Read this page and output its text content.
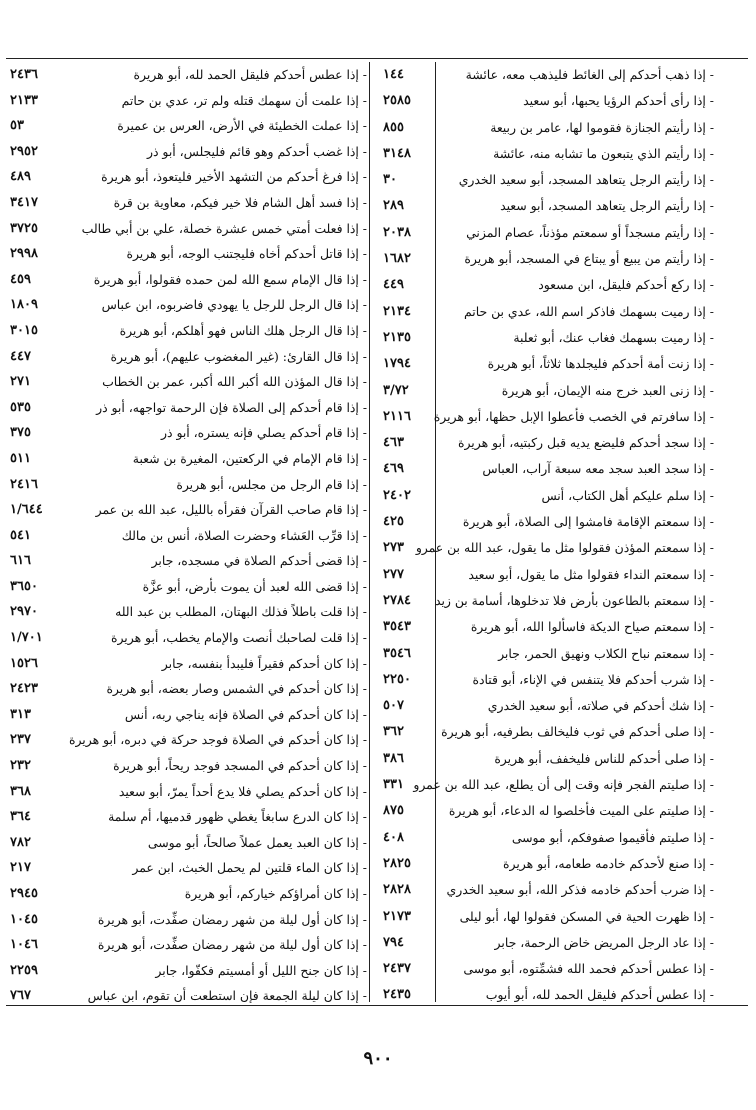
- إذا ذهب أحدكم إلى الغائط فليذهب معه، عائشة
١٤٤
- إذا رأى أحدكم الرؤيا يحبها، أبو سعيد
٢٥٨٥
- إذا رأيتم الجنازة فقوموا لها، عامر بن ربيعة
٨٥٥
- إذا رأيتم الذي يتبعون ما تشابه منه، عائشة
٣١٤٨
- إذا رأيتم الرجل يتعاهد المسجد، أبو سعيد الخدري
٣٠
- إذا رأيتم الرجل يتعاهد المسجد، أبو سعيد
٢٨٩
- إذا رأيتم مسجداً أو سمعتم مؤذناً، عصام المزني
٢٠٣٨
- إذا رأيتم من يبيع أو يبتاع في المسجد، أبو هريرة
١٦٨٢
- إذا ركع أحدكم فليقل، ابن مسعود
٤٤٩
- إذا رميت بسهمك فاذكر اسم الله، عدي بن حاتم
٢١٣٤
- إذا رميت بسهمك فغاب عنك، أبو ثعلبة
٢١٣٥
- إذا زنت أمة أحدكم فليجلدها ثلاثاً، أبو هريرة
١٧٩٤
- إذا زنى العبد خرج منه الإيمان، أبو هريرة
٣/٧٢
- إذا سافرتم في الخصب فأعطوا الإبل حظها، أبو هريرة
٢١١٦
- إذا سجد أحدكم فليضع يديه قبل ركبتيه، أبو هريرة
٤٦٣
- إذا سجد العبد سجد معه سبعة آراب، العباس
٤٦٩
- إذا سلم عليكم أهل الكتاب، أنس
٢٤٠٢
- إذا سمعتم الإقامة فامشوا إلى الصلاة، أبو هريرة
٤٢٥
- إذا سمعتم المؤذن فقولوا مثل ما يقول، عبد الله بن عمرو
٢٧٣
- إذا سمعتم النداء فقولوا مثل ما يقول، أبو سعيد
٢٧٧
- إذا سمعتم بالطاعون بأرض فلا تدخلوها، أسامة بن زيد
٢٧٨٤
- إذا سمعتم صياح الديكة فاسألوا الله، أبو هريرة
٣٥٤٣
- إذا سمعتم نباح الكلاب ونهيق الحمر، جابر
٣٥٤٦
- إذا شرب أحدكم فلا يتنفس في الإناء، أبو قتادة
٢٢٥٠
- إذا شك أحدكم في صلاته، أبو سعيد الخدري
٥٠٧
- إذا صلى أحدكم في ثوب فليخالف بطرفيه، أبو هريرة
٣٦٢
- إذا صلى أحدكم للناس فليخفف، أبو هريرة
٣٨٦
- إذا صليتم الفجر فإنه وقت إلى أن يطلع، عبد الله بن عمرو
٣٣١
- إذا صليتم على الميت فأخلصوا له الدعاء، أبو هريرة
٨٧٥
- إذا صليتم فأقيموا صفوفكم، أبو موسى
٤٠٨
- إذا صنع لأحدكم خادمه طعامه، أبو هريرة
٢٨٢٥
- إذا ضرب أحدكم خادمه فذكر الله، أبو سعيد الخدري
٢٨٢٨
- إذا ظهرت الحية في المسكن فقولوا لها، أبو ليلى
٢١٧٣
- إذا عاد الرجل المريض خاض الرحمة، جابر
٧٩٤
- إذا عطس أحدكم فحمد الله فشمِّتوه، أبو موسى
٢٤٣٧
- إذا عطس أحدكم فليقل الحمد لله، أبو أيوب
٢٤٣٥
- إذا عطس أحدكم فليقل الحمد لله، أبو هريرة
٢٤٣٦
- إذا علمت أن سهمك قتله ولم تر، عدي بن حاتم
٢١٣٣
- إذا عملت الخطيئة في الأرض، العرس بن عميرة
٥٣
- إذا غضب أحدكم وهو قائم فليجلس، أبو ذر
٢٩٥٢
- إذا فرغ أحدكم من التشهد الأخير فليتعوذ، أبو هريرة
٤٨٩
- إذا فسد أهل الشام فلا خير فيكم، معاوية بن قرة
٣٤١٧
- إذا فعلت أمتي خمس عشرة خصلة، علي بن أبي طالب
٣٧٢٥
- إذا قاتل أحدكم أخاه فليجتنب الوجه، أبو هريرة
٢٩٩٨
- إذا قال الإمام سمع الله لمن حمده فقولوا، أبو هريرة
٤٥٩
- إذا قال الرجل للرجل يا يهودي فاضربوه، ابن عباس
١٨٠٩
- إذا قال الرجل هلك الناس فهو أهلكم، أبو هريرة
٣٠١٥
- إذا قال القارئ: (غير المغضوب عليهم)، أبو هريرة
٤٤٧
- إذا قال المؤذن الله أكبر الله أكبر، عمر بن الخطاب
٢٧١
- إذا قام أحدكم إلى الصلاة فإن الرحمة تواجهه، أبو ذر
٥٣٥
- إذا قام أحدكم يصلي فإنه يستره، أبو ذر
٣٧٥
- إذا قام الإمام في الركعتين، المغيرة بن شعبة
٥١١
- إذا قام الرجل من مجلس، أبو هريرة
٢٤١٦
- إذا قام صاحب القرآن فقرأه بالليل، عبد الله بن عمر
١/٦٤٤
- إذا قرِّب العَشاء وحضرت الصلاة، أنس بن مالك
٥٤١
- إذا قضى أحدكم الصلاة في مسجده، جابر
٦١٦
- إذا قضى الله لعبد أن يموت بأرض، أبو عزَّة
٣٦٥٠
- إذا قلت باطلاً فذلك البهتان، المطلب بن عبد الله
٢٩٧٠
- إذا قلت لصاحبك أنصت والإمام يخطب، أبو هريرة
١/٧٠١
- إذا كان أحدكم فقيراً فليبدأ بنفسه، جابر
١٥٢٦
- إذا كان أحدكم في الشمس وصار بعضه، أبو هريرة
٢٤٢٣
- إذا كان أحدكم في الصلاة فإنه يناجي ربه، أنس
٣١٣
- إذا كان أحدكم في الصلاة فوجد حركة في دبره، أبو هريرة
٢٣٧
- إذا كان أحدكم في المسجد فوجد ريحاً، أبو هريرة
٢٣٢
- إذا كان أحدكم يصلي فلا يدع أحداً يمرّ، أبو سعيد
٣٦٨
- إذا كان الدرع سابغاً يغطي ظهور قدميها، أم سلمة
٣٦٤
- إذا كان العبد يعمل عملاً صالحاً، أبو موسى
٧٨٢
- إذا كان الماء قلتين لم يحمل الخبث، ابن عمر
٢١٧
- إذا كان أمراؤكم خياركم، أبو هريرة
٢٩٤٥
- إذا كان أول ليلة من شهر رمضان صفِّدت، أبو هريرة
١٠٤٥
- إذا كان أول ليلة من شهر رمضان صفِّدت، أبو هريرة
١٠٤٦
- إذا كان جنح الليل أو أمسيتم فكفّوا، جابر
٢٢٥٩
- إذا كان ليلة الجمعة فإن استطعت أن تقوم، ابن عباس
٧٦٧
٩٠٠
